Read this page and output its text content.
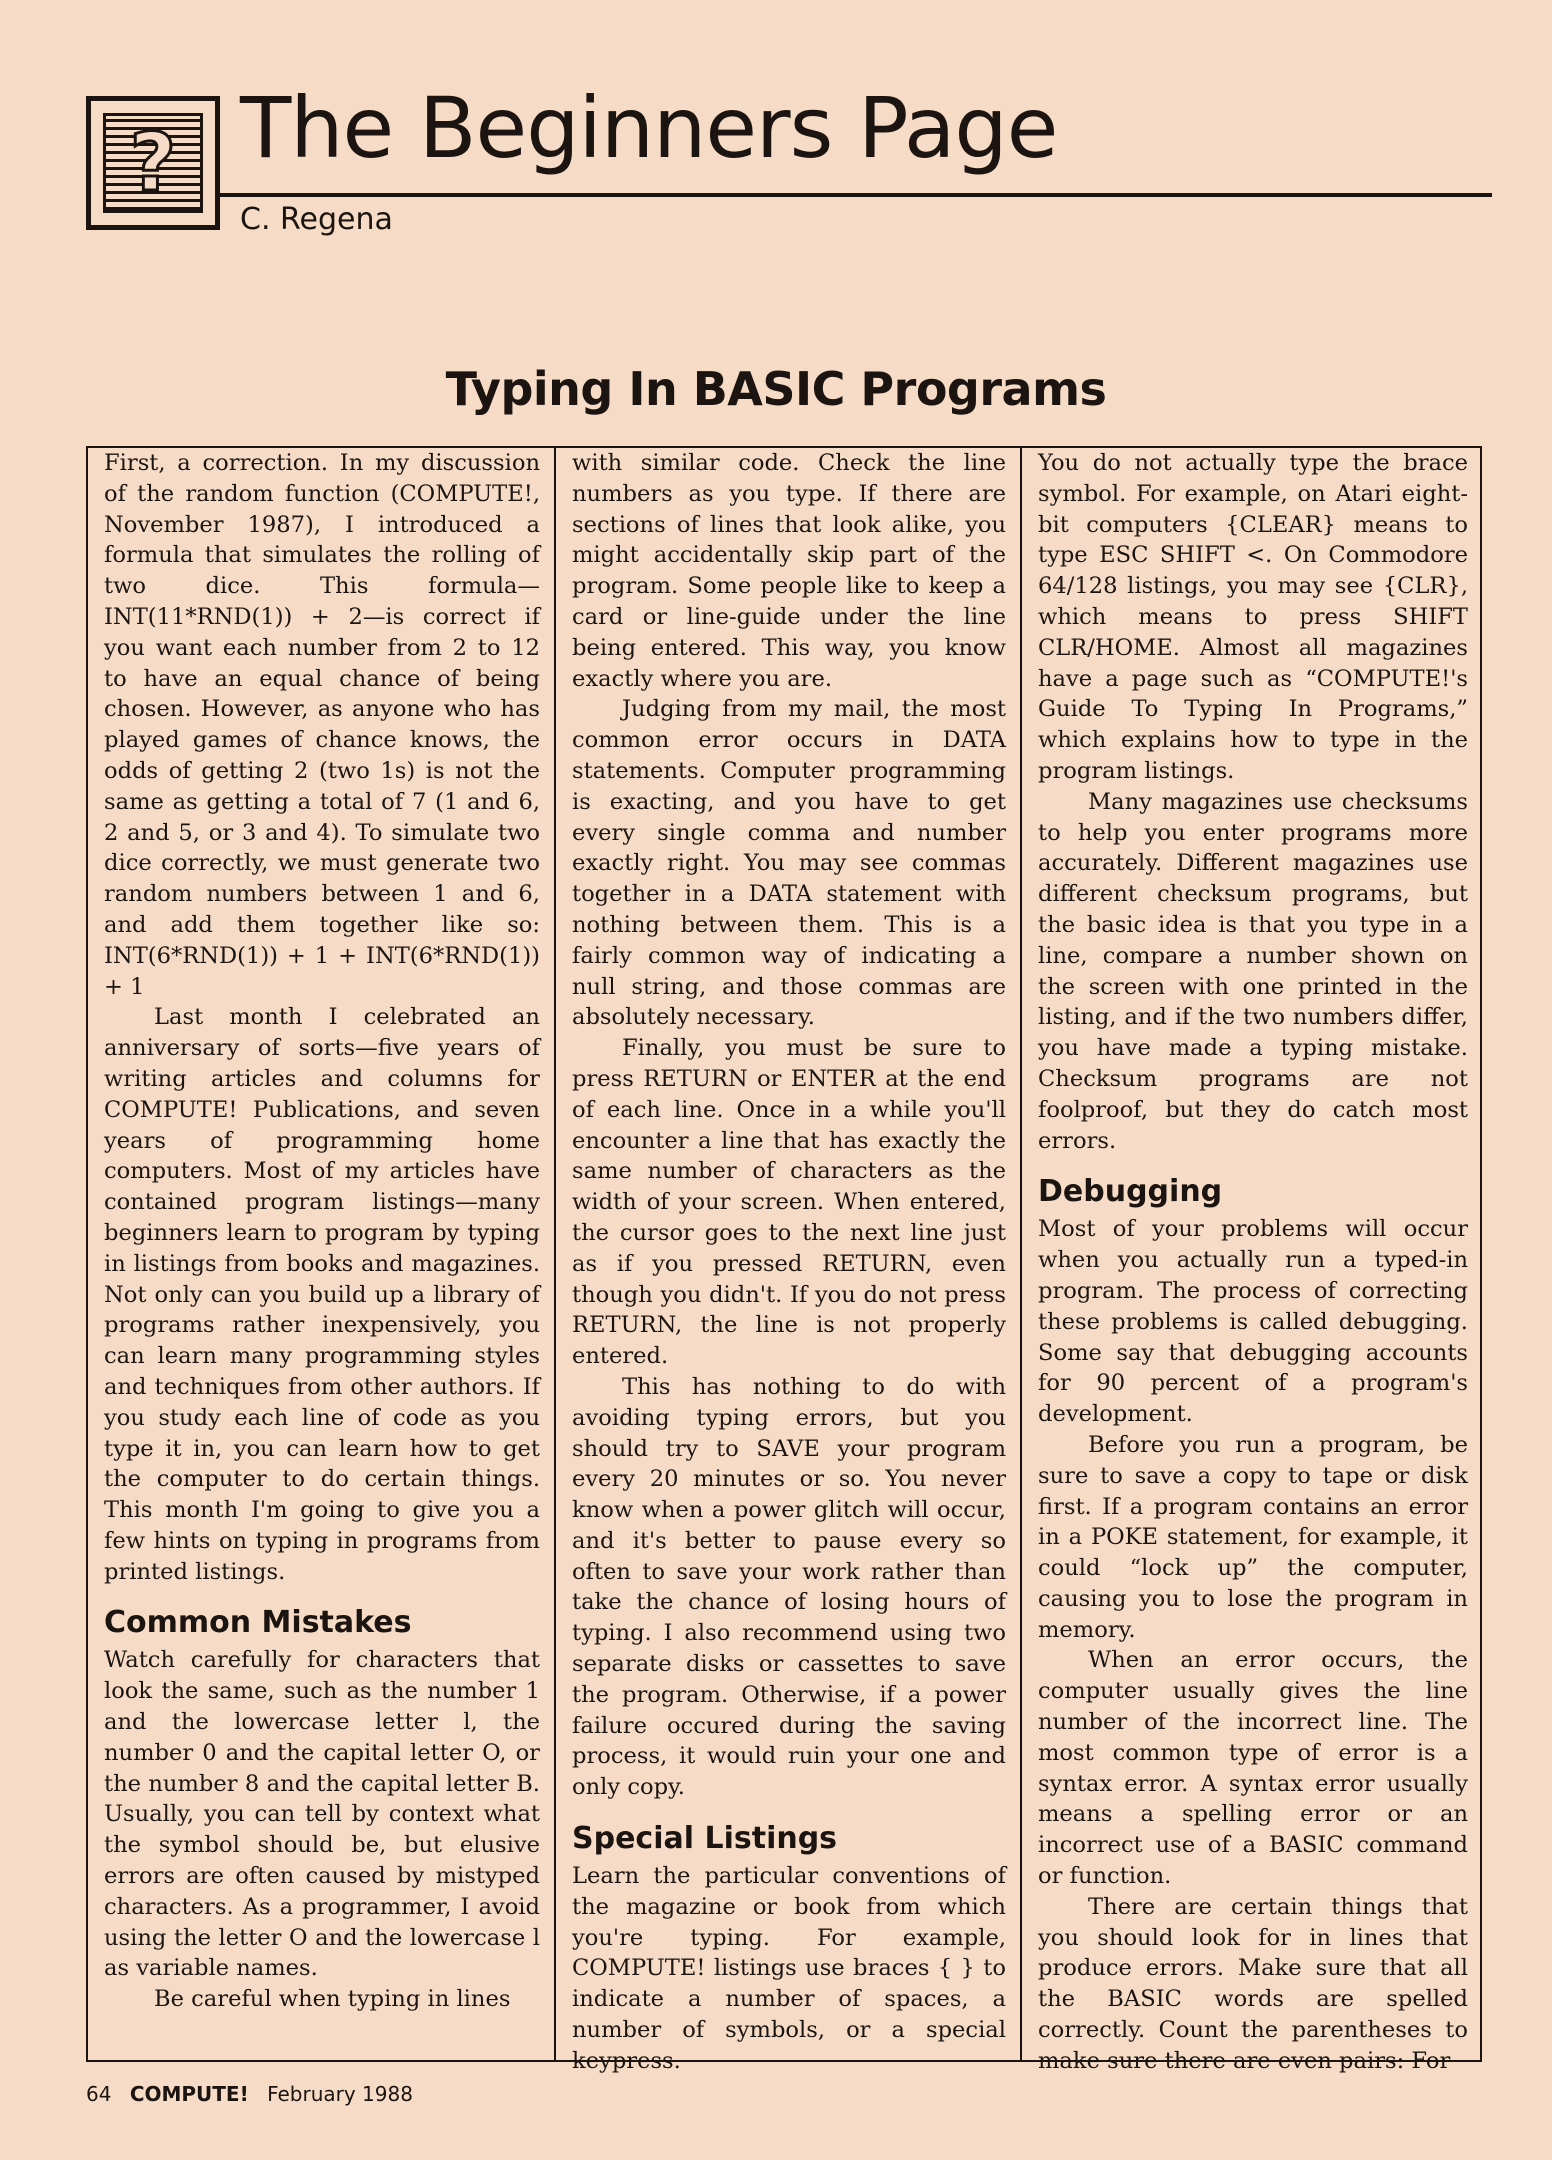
? The Beginners Page
C. Regena
Typing In BASIC Programs

First, a correction. In my discussion of the random function (COMPUTE!, November 1987), I introduced a formula that simulates the rolling of two dice. This formula—INT(11*RND(1)) + 2—is correct if you want each number from 2 to 12 to have an equal chance of being chosen. However, as anyone who has played games of chance knows, the odds of getting 2 (two 1s) is not the same as getting a total of 7 (1 and 6, 2 and 5, or 3 and 4). To simulate two dice correctly, we must generate two random numbers between 1 and 6, and add them together like so: INT(6*RND(1)) + 1 + INT(6*RND(1)) + 1

Last month I celebrated an anniversary of sorts—five years of writing articles and columns for COMPUTE! Publications, and seven years of programming home computers. Most of my articles have contained program listings—many beginners learn to program by typing in listings from books and magazines. Not only can you build up a library of programs rather inexpensively, you can learn many programming styles and techniques from other authors. If you study each line of code as you type it in, you can learn how to get the computer to do certain things. This month I'm going to give you a few hints on typing in programs from printed listings.

Common Mistakes

Watch carefully for characters that look the same, such as the number 1 and the lowercase letter l, the number 0 and the capital letter O, or the number 8 and the capital letter B. Usually, you can tell by context what the symbol should be, but elusive errors are often caused by mistyped characters. As a programmer, I avoid using the letter O and the lowercase l as variable names.

Be careful when typing in lines

with similar code. Check the line numbers as you type. If there are sections of lines that look alike, you might accidentally skip part of the program. Some people like to keep a card or line-guide under the line being entered. This way, you know exactly where you are.

Judging from my mail, the most common error occurs in DATA statements. Computer programming is exacting, and you have to get every single comma and number exactly right. You may see commas together in a DATA statement with nothing between them. This is a fairly common way of indicating a null string, and those commas are absolutely necessary.

Finally, you must be sure to press RETURN or ENTER at the end of each line. Once in a while you'll encounter a line that has exactly the same number of characters as the width of your screen. When entered, the cursor goes to the next line just as if you pressed RETURN, even though you didn't. If you do not press RETURN, the line is not properly entered.

This has nothing to do with avoiding typing errors, but you should try to SAVE your program every 20 minutes or so. You never know when a power glitch will occur, and it's better to pause every so often to save your work rather than take the chance of losing hours of typing. I also recommend using two separate disks or cassettes to save the program. Otherwise, if a power failure occured during the saving process, it would ruin your one and only copy.

Special Listings

Learn the particular conventions of the magazine or book from which you're typing. For example, COMPUTE! listings use braces { } to indicate a number of spaces, a number of symbols, or a special keypress.

You do not actually type the brace symbol. For example, on Atari eight-bit computers {CLEAR} means to type ESC SHIFT <. On Commodore 64/128 listings, you may see {CLR}, which means to press SHIFT CLR/HOME. Almost all magazines have a page such as “COMPUTE!'s Guide To Typing In Programs,” which explains how to type in the program listings.

Many magazines use checksums to help you enter programs more accurately. Different magazines use different checksum programs, but the basic idea is that you type in a line, compare a number shown on the screen with one printed in the listing, and if the two numbers differ, you have made a typing mistake. Checksum programs are not foolproof, but they do catch most errors.

Debugging

Most of your problems will occur when you actually run a typed-in program. The process of correcting these problems is called debugging. Some say that debugging accounts for 90 percent of a program's development.

Before you run a program, be sure to save a copy to tape or disk first. If a program contains an error in a POKE statement, for example, it could “lock up” the computer, causing you to lose the program in memory.

When an error occurs, the computer usually gives the line number of the incorrect line. The most common type of error is a syntax error. A syntax error usually means a spelling error or an incorrect use of a BASIC command or function.

There are certain things that you should look for in lines that produce errors. Make sure that all the BASIC words are spelled correctly. Count the parentheses to make sure there are even pairs: For

64 COMPUTE! February 1988
